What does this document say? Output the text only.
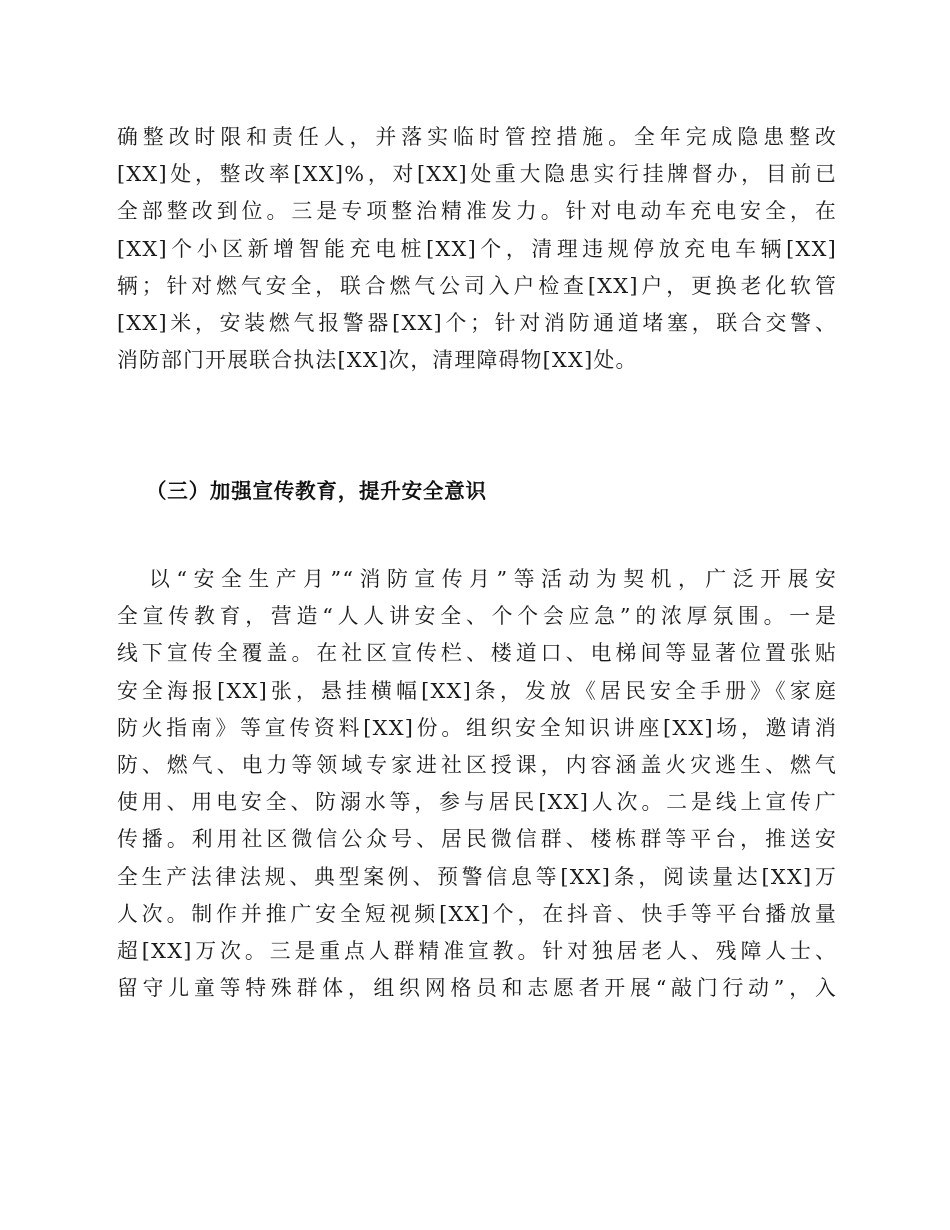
确整改时限和责任人，并落实临时管控措施。全年完成隐患整改
[XX]处，整改率[XX]%，对[XX]处重大隐患实行挂牌督办，目前已
全部整改到位。三是专项整治精准发力。针对电动车充电安全，在
[XX]个小区新增智能充电桩[XX]个，清理违规停放充电车辆[XX]
辆；针对燃气安全，联合燃气公司入户检查[XX]户，更换老化软管
[XX]米，安装燃气报警器[XX]个；针对消防通道堵塞，联合交警、
消防部门开展联合执法[XX]次，清理障碍物[XX]处。

（三）加强宣传教育，提升安全意识

以“安全生产月”“消防宣传月”等活动为契机，广泛开展安
全宣传教育，营造“人人讲安全、个个会应急”的浓厚氛围。一是
线下宣传全覆盖。在社区宣传栏、楼道口、电梯间等显著位置张贴
安全海报[XX]张，悬挂横幅[XX]条，发放《居民安全手册》《家庭
防火指南》等宣传资料[XX]份。组织安全知识讲座[XX]场，邀请消
防、燃气、电力等领域专家进社区授课，内容涵盖火灾逃生、燃气
使用、用电安全、防溺水等，参与居民[XX]人次。二是线上宣传广
传播。利用社区微信公众号、居民微信群、楼栋群等平台，推送安
全生产法律法规、典型案例、预警信息等[XX]条，阅读量达[XX]万
人次。制作并推广安全短视频[XX]个，在抖音、快手等平台播放量
超[XX]万次。三是重点人群精准宣教。针对独居老人、残障人士、
留守儿童等特殊群体，组织网格员和志愿者开展“敲门行动”，入
